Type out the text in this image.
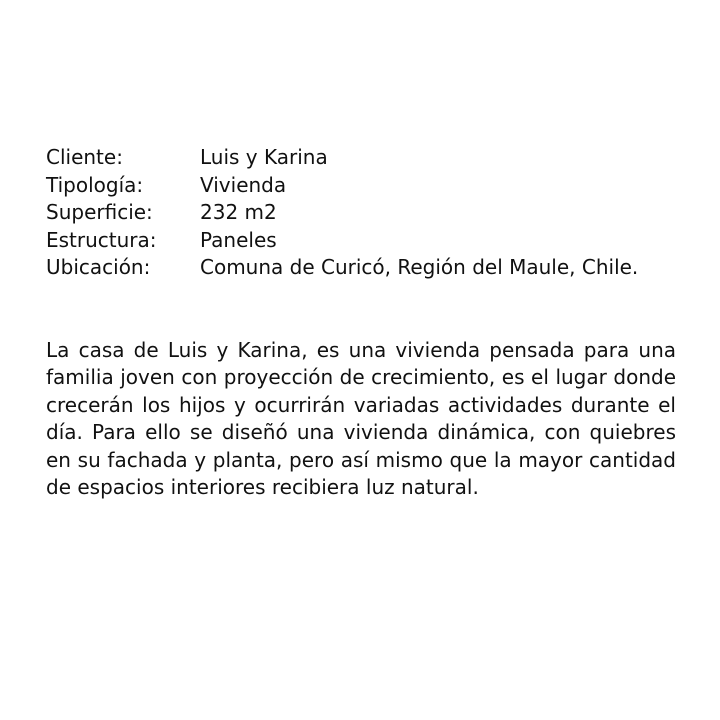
Cliente:	Luis y Karina
Tipología:	Vivienda
Superficie: 232 m2
Estructura: Paneles
Ubicación: Comuna de Curicó, Región del Maule, Chile.

La casa de Luis y Karina, es una vivienda pensada para una familia joven con proyección de crecimiento, es el lugar donde crecerán los hijos y ocurrirán variadas actividades durante el día. Para ello se diseñó una vivienda dinámica, con quiebres en su fachada y planta, pero así mismo que la mayor cantidad de espacios interiores recibiera luz natural.
